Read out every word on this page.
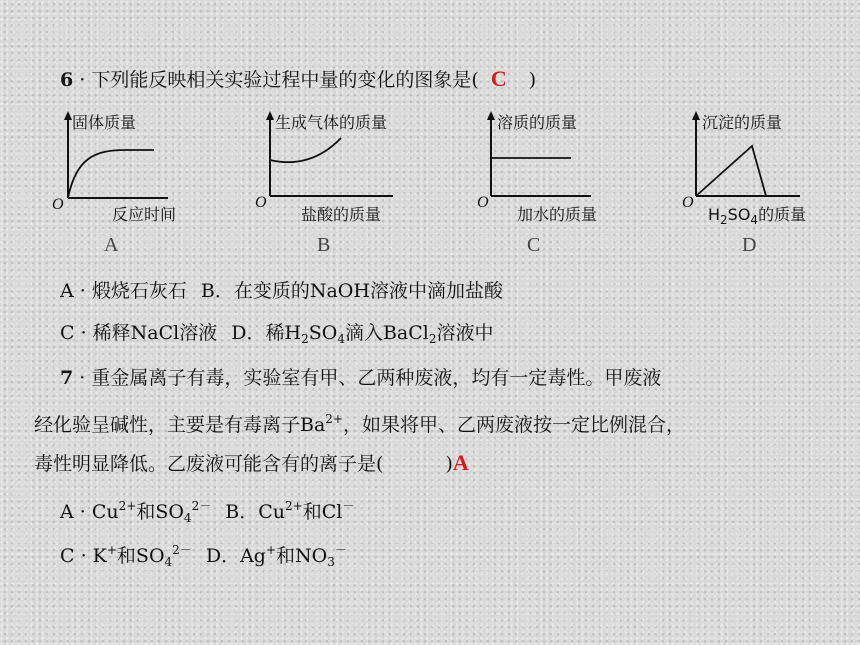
6 · 下列能反映相关实验过程中量的变化的图象是( C )
固体质量
O
反应时间
A
生成气体的质量
O
盐酸的质量
B
溶质的质量
O
加水的质量
C
沉淀的质量
O
$H_2SO_4$的质量
D
A · 煅烧石灰石 B．在变质的NaOH溶液中滴加盐酸
C · 稀释NaCl溶液 D．稀$H_2SO_4$滴入BaCl$_2$溶液中
7 · 重金属离子有毒，实验室有甲、乙两种废液，均有一定毒性。甲废液
经化验呈碱性，主要是有毒离子$Ba^{2+}$，如果将甲、乙两废液按一定比例混合，
毒性明显降低。乙废液可能含有的离子是(	)A
$A \cdot Cu^{2+}$和$SO_4^{2-}$ B．$Cu^{2+}$和Cl－
C · K+和$SO_4^{2-}$ D．Ag+和$NO_3^-$
